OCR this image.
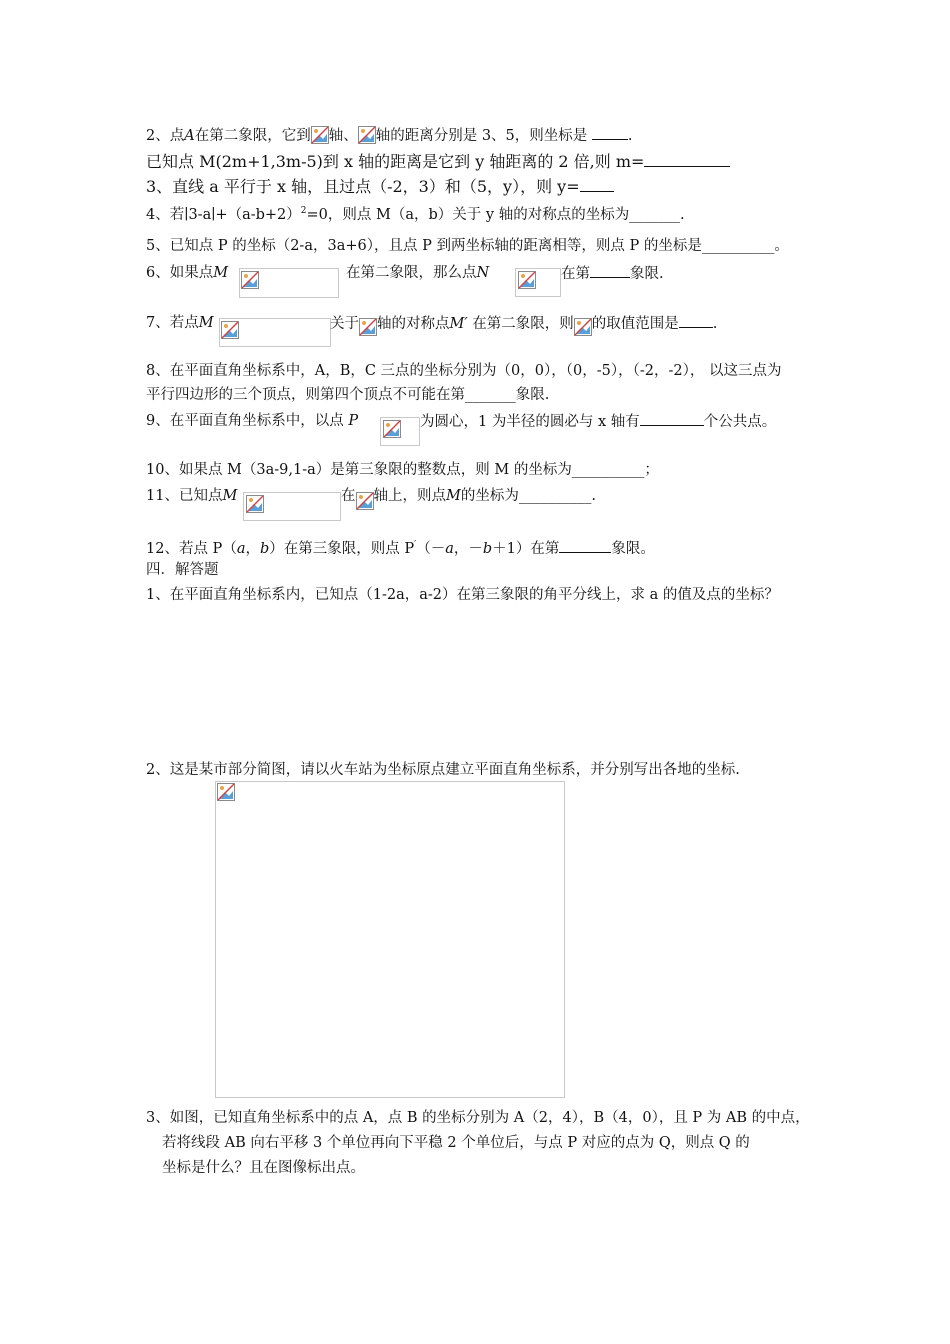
2、点A在第二象限，它到 轴、 轴的距离分别是 3、5，则坐标是	.
已知点 M(2m+1,3m-5)到 x 轴的距离是它到 y 轴距离的 2 倍,则 m=
3、直线 a 平行于 x 轴，且过点（-2，3）和（5，y），则 y=
4、若$∣3-a∣+(a-b+2)^2=0$，则点 M（a，b）关于 y 轴的对称点的坐标为_______.
5、已知点 P 的坐标（2-a，3a+6），且点 P 到两坐标轴的距离相等，则点 P 的坐标是__________。
6、如果点M	在第二象限，那么点N	在第	象限.
7、若点M	关于 轴的对称点M′ 在第二象限，则 的取值范围是 .
8、在平面直角坐标系中，A，B，C 三点的坐标分别为（0，0），（0，-5），（-2，-2）， 以这三点为
平行四边形的三个顶点，则第四个顶点不可能在第_______象限.
9、在平面直角坐标系中，以点 P	为圆心，1 为半径的圆必与 x 轴有	个公共点。
10、如果点 M（3a-9,1-a）是第三象限的整数点，则 M 的坐标为__________；
11、已知点M	在 轴上，则点M的坐标为__________.
12、若点 P（a，b）在第三象限，则点 P′（－a，－b＋1）在第	象限。
四．解答题
1、在平面直角坐标系内，已知点（1-2a，a-2）在第三象限的角平分线上，求 a 的值及点的坐标？
2、这是某市部分简图，请以火车站为坐标原点建立平面直角坐标系，并分别写出各地的坐标.
3、如图，已知直角坐标系中的点 A，点 B 的坐标分别为 A（2，4），B（4，0），且 P 为 AB 的中点，
若将线段 AB 向右平移 3 个单位再向下平稳 2 个单位后，与点 P 对应的点为 Q，则点 Q 的
坐标是什么？且在图像标出点。
